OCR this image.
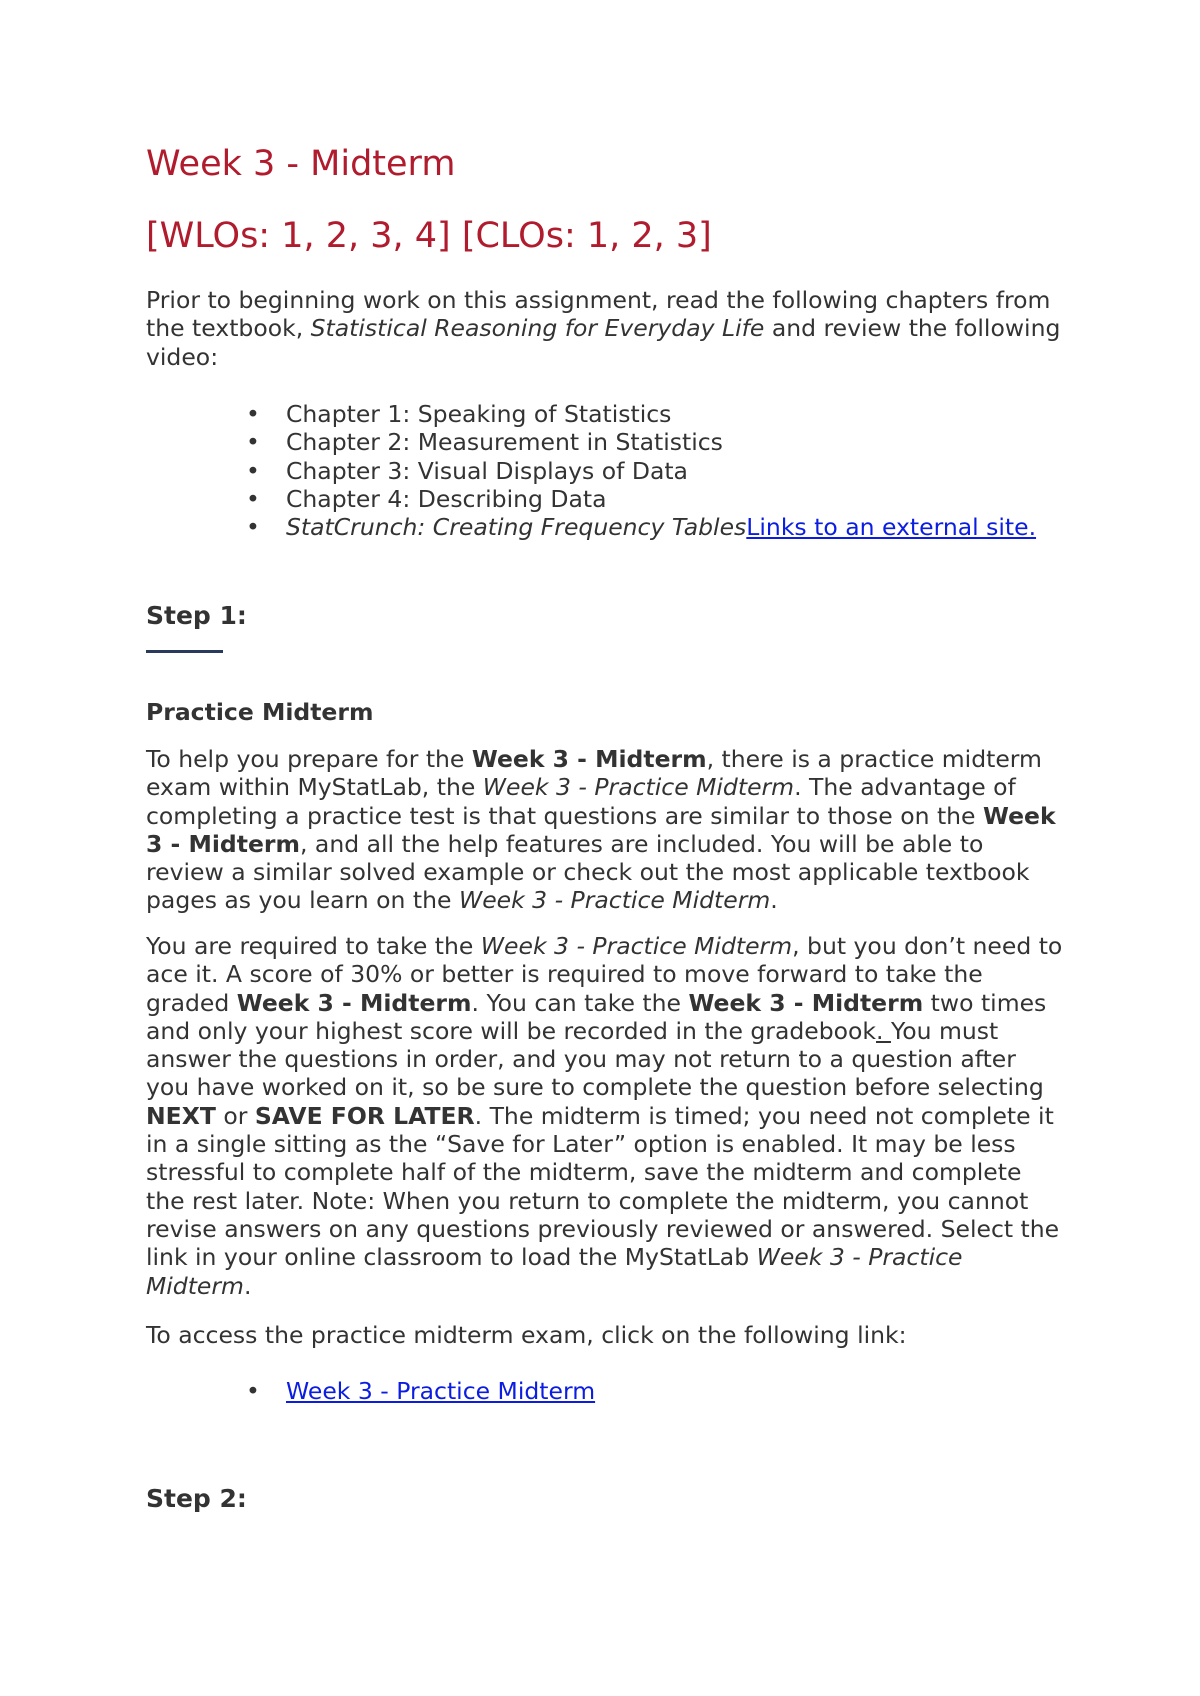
Week 3 - Midterm
[WLOs: 1, 2, 3, 4] [CLOs: 1, 2, 3]

Prior to beginning work on this assignment, read the following chapters from the textbook, Statistical Reasoning for Everyday Life and review the following video:

• Chapter 1: Speaking of Statistics
• Chapter 2: Measurement in Statistics
• Chapter 3: Visual Displays of Data
• Chapter 4: Describing Data
• StatCrunch: Creating Frequency TablesLinks to an external site.
Step 1:
Practice Midterm

To help you prepare for the Week 3 - Midterm, there is a practice midterm exam within MyStatLab, the Week 3 - Practice Midterm. The advantage of completing a practice test is that questions are similar to those on the Week 3 - Midterm, and all the help features are included. You will be able to review a similar solved example or check out the most applicable textbook pages as you learn on the Week 3 - Practice Midterm.

You are required to take the Week 3 - Practice Midterm, but you don’t need to ace it. A score of 30% or better is required to move forward to take the graded Week 3 - Midterm. You can take the Week 3 - Midterm two times and only your highest score will be recorded in the gradebook. You must answer the questions in order, and you may not return to a question after you have worked on it, so be sure to complete the question before selecting NEXT or SAVE FOR LATER. The midterm is timed; you need not complete it in a single sitting as the “Save for Later” option is enabled. It may be less stressful to complete half of the midterm, save the midterm and complete the rest later. Note: When you return to complete the midterm, you cannot revise answers on any questions previously reviewed or answered. Select the link in your online classroom to load the MyStatLab Week 3 - Practice Midterm.

To access the practice midterm exam, click on the following link:

• Week 3 - Practice Midterm
Step 2:
